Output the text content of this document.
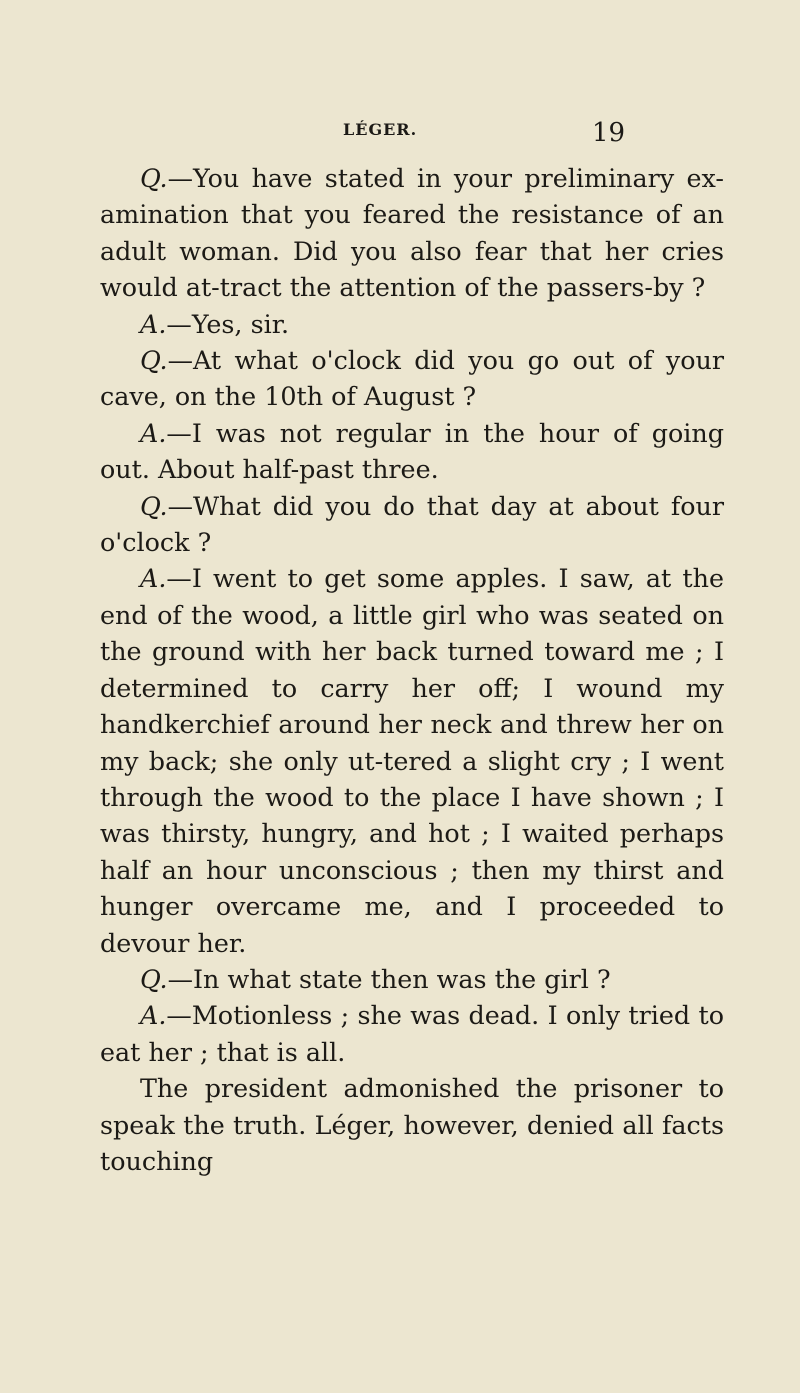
LÉGER.	19

Q.—You have stated in your preliminary ex-amination that you feared the resistance of an adult woman. Did you also fear that her cries would at-tract the attention of the passers-by ?

A.—Yes, sir.

Q.—At what o'clock did you go out of your cave, on the 10th of August ?

A.—I was not regular in the hour of going out. About half-past three.

Q.—What did you do that day at about four o'clock ?

A.—I went to get some apples. I saw, at the end of the wood, a little girl who was seated on the ground with her back turned toward me ; I determined to carry her off; I wound my handkerchief around her neck and threw her on my back; she only ut-tered a slight cry ; I went through the wood to the place I have shown ; I was thirsty, hungry, and hot ; I waited perhaps half an hour unconscious ; then my thirst and hunger overcame me, and I proceeded to devour her.

Q.—In what state then was the girl ?

A.—Motionless ; she was dead. I only tried to eat her ; that is all.

The president admonished the prisoner to speak the truth. Léger, however, denied all facts touching
